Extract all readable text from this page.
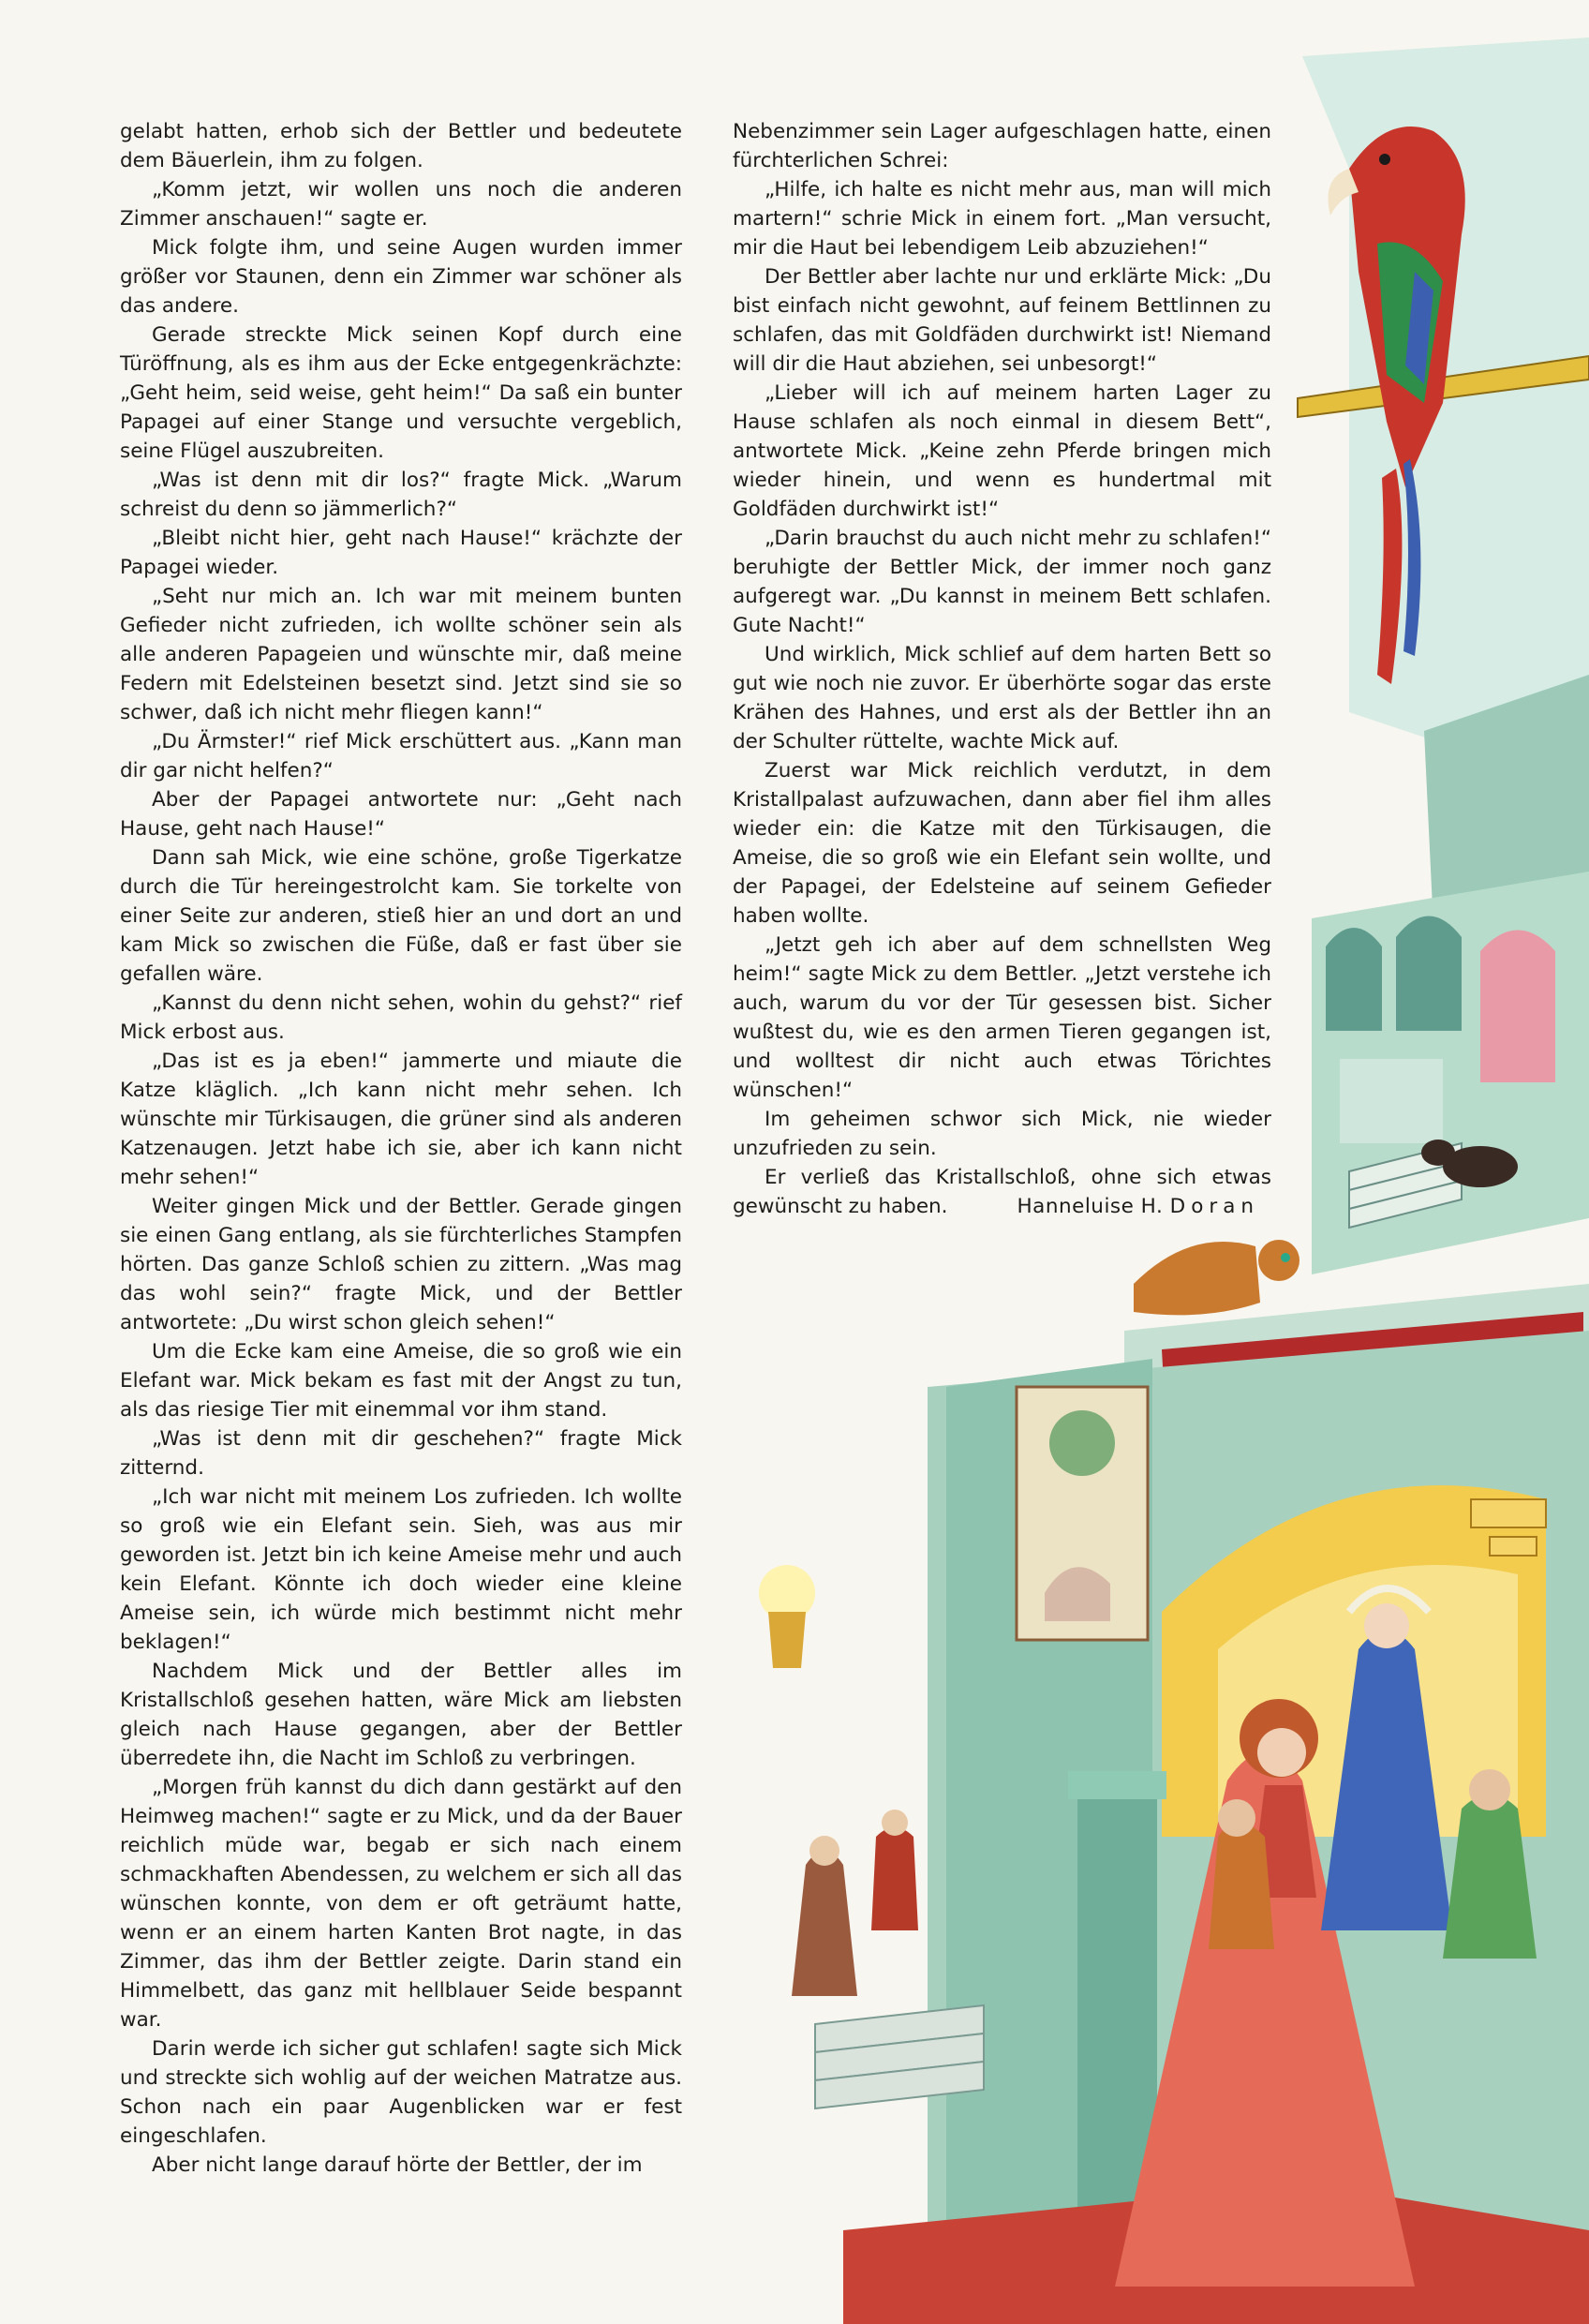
gelabt hatten, erhob sich der Bettler und bedeutete dem Bäuerlein, ihm zu folgen.

„Komm jetzt, wir wollen uns noch die anderen Zimmer anschauen!“ sagte er.

Mick folgte ihm, und seine Augen wurden immer größer vor Staunen, denn ein Zimmer war schöner als das andere.

Gerade streckte Mick seinen Kopf durch eine Türöffnung, als es ihm aus der Ecke entgegenkrächzte: „Geht heim, seid weise, geht heim!“ Da saß ein bunter Papagei auf einer Stange und versuchte vergeblich, seine Flügel auszubreiten.

„Was ist denn mit dir los?“ fragte Mick. „Warum schreist du denn so jämmerlich?“

„Bleibt nicht hier, geht nach Hause!“ krächzte der Papagei wieder.

„Seht nur mich an. Ich war mit meinem bunten Gefieder nicht zufrieden, ich wollte schöner sein als alle anderen Papageien und wünschte mir, daß meine Federn mit Edelsteinen besetzt sind. Jetzt sind sie so schwer, daß ich nicht mehr fliegen kann!“

„Du Ärmster!“ rief Mick erschüttert aus. „Kann man dir gar nicht helfen?“

Aber der Papagei antwortete nur: „Geht nach Hause, geht nach Hause!“

Dann sah Mick, wie eine schöne, große Tigerkatze durch die Tür hereingestrolcht kam. Sie torkelte von einer Seite zur anderen, stieß hier an und dort an und kam Mick so zwischen die Füße, daß er fast über sie gefallen wäre.

„Kannst du denn nicht sehen, wohin du gehst?“ rief Mick erbost aus.

„Das ist es ja eben!“ jammerte und miaute die Katze kläglich. „Ich kann nicht mehr sehen. Ich wünschte mir Türkisaugen, die grüner sind als anderen Katzenaugen. Jetzt habe ich sie, aber ich kann nicht mehr sehen!“

Weiter gingen Mick und der Bettler. Gerade gingen sie einen Gang entlang, als sie fürchterliches Stampfen hörten. Das ganze Schloß schien zu zittern. „Was mag das wohl sein?“ fragte Mick, und der Bettler antwortete: „Du wirst schon gleich sehen!“

Um die Ecke kam eine Ameise, die so groß wie ein Elefant war. Mick bekam es fast mit der Angst zu tun, als das riesige Tier mit einemmal vor ihm stand.

„Was ist denn mit dir geschehen?“ fragte Mick zitternd.

„Ich war nicht mit meinem Los zufrieden. Ich wollte so groß wie ein Elefant sein. Sieh, was aus mir geworden ist. Jetzt bin ich keine Ameise mehr und auch kein Elefant. Könnte ich doch wieder eine kleine Ameise sein, ich würde mich bestimmt nicht mehr beklagen!“

Nachdem Mick und der Bettler alles im Kristallschloß gesehen hatten, wäre Mick am liebsten gleich nach Hause gegangen, aber der Bettler überredete ihn, die Nacht im Schloß zu verbringen.

„Morgen früh kannst du dich dann gestärkt auf den Heimweg machen!“ sagte er zu Mick, und da der Bauer reichlich müde war, begab er sich nach einem schmackhaften Abendessen, zu welchem er sich all das wünschen konnte, von dem er oft geträumt hatte, wenn er an einem harten Kanten Brot nagte, in das Zimmer, das ihm der Bettler zeigte. Darin stand ein Himmelbett, das ganz mit hellblauer Seide bespannt war.

Darin werde ich sicher gut schlafen! sagte sich Mick und streckte sich wohlig auf der weichen Matratze aus. Schon nach ein paar Augenblicken war er fest eingeschlafen.

Aber nicht lange darauf hörte der Bettler, der im

Nebenzimmer sein Lager aufgeschlagen hatte, einen fürchterlichen Schrei:

„Hilfe, ich halte es nicht mehr aus, man will mich martern!“ schrie Mick in einem fort. „Man versucht, mir die Haut bei lebendigem Leib abzuziehen!“

Der Bettler aber lachte nur und erklärte Mick: „Du bist einfach nicht gewohnt, auf feinem Bettlinnen zu schlafen, das mit Goldfäden durchwirkt ist! Niemand will dir die Haut abziehen, sei unbesorgt!“

„Lieber will ich auf meinem harten Lager zu Hause schlafen als noch einmal in diesem Bett“, antwortete Mick. „Keine zehn Pferde bringen mich wieder hinein, und wenn es hundertmal mit Goldfäden durchwirkt ist!“

„Darin brauchst du auch nicht mehr zu schlafen!“ beruhigte der Bettler Mick, der immer noch ganz aufgeregt war. „Du kannst in meinem Bett schlafen. Gute Nacht!“

Und wirklich, Mick schlief auf dem harten Bett so gut wie noch nie zuvor. Er überhörte sogar das erste Krähen des Hahnes, und erst als der Bettler ihn an der Schulter rüttelte, wachte Mick auf.

Zuerst war Mick reichlich verdutzt, in dem Kristallpalast aufzuwachen, dann aber fiel ihm alles wieder ein: die Katze mit den Türkisaugen, die Ameise, die so groß wie ein Elefant sein wollte, und der Papagei, der Edelsteine auf seinem Gefieder haben wollte.

„Jetzt geh ich aber auf dem schnellsten Weg heim!“ sagte Mick zu dem Bettler. „Jetzt verstehe ich auch, warum du vor der Tür gesessen bist. Sicher wußtest du, wie es den armen Tieren gegangen ist, und wolltest dir nicht auch etwas Törichtes wünschen!“

Im geheimen schwor sich Mick, nie wieder unzufrieden zu sein.

Er verließ das Kristallschloß, ohne sich etwas gewünscht zu haben.	Hanneluise H. Doran
